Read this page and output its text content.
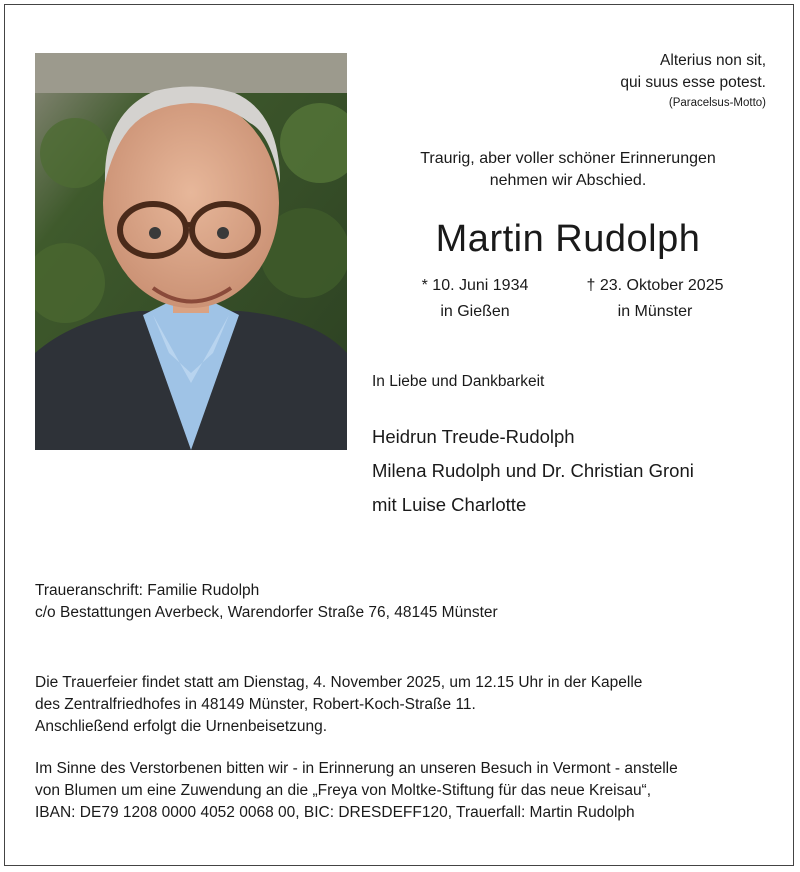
Alterius non sit,
qui suus esse potest.
(Paracelsus-Motto)
Traurig, aber voller schöner Erinnerungen
nehmen wir Abschied.
Martin Rudolph
* 10. Juni 1934
in Gießen
† 23. Oktober 2025
in Münster
In Liebe und Dankbarkeit
Heidrun Treude-Rudolph
Milena Rudolph und Dr. Christian Groni
mit Luise Charlotte
Traueranschrift: Familie Rudolph
c/o Bestattungen Averbeck, Warendorfer Straße 76, 48145 Münster
Die Trauerfeier findet statt am Dienstag, 4. November 2025, um 12.15 Uhr in der Kapelle
des Zentralfriedhofes in 48149 Münster, Robert-Koch-Straße 11.
Anschließend erfolgt die Urnenbeisetzung.
Im Sinne des Verstorbenen bitten wir - in Erinnerung an unseren Besuch in Vermont - anstelle
von Blumen um eine Zuwendung an die „Freya von Moltke-Stiftung für das neue Kreisau“,
IBAN: DE79 1208 0000 4052 0068 00, BIC: DRESDEFF120, Trauerfall: Martin Rudolph
